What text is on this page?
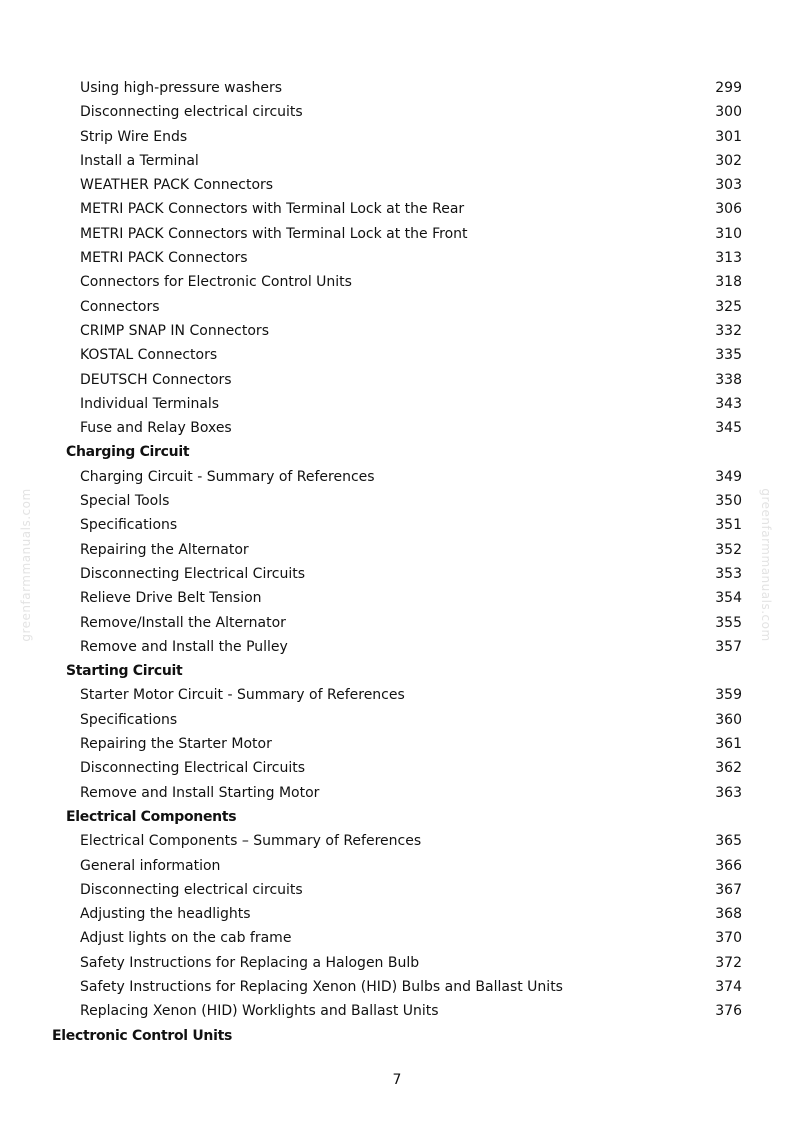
greenfarmmanuals.com	greenfarmmanuals.com
Using high-pressure washers	299
Disconnecting electrical circuits	300
Strip Wire Ends	301
Install a Terminal	302
WEATHER PACK Connectors	303
METRI PACK Connectors with Terminal Lock at the Rear	306
METRI PACK Connectors with Terminal Lock at the Front	310
METRI PACK Connectors	313
Connectors for Electronic Control Units	318
Connectors	325
CRIMP SNAP IN Connectors	332
KOSTAL Connectors	335
DEUTSCH Connectors	338
Individual Terminals	343
Fuse and Relay Boxes	345
Charging Circuit
Charging Circuit - Summary of References	349
Special Tools	350
Specifications	351
Repairing the Alternator	352
Disconnecting Electrical Circuits	353
Relieve Drive Belt Tension	354
Remove/Install the Alternator	355
Remove and Install the Pulley	357
Starting Circuit
Starter Motor Circuit - Summary of References	359
Specifications	360
Repairing the Starter Motor	361
Disconnecting Electrical Circuits	362
Remove and Install Starting Motor	363
Electrical Components
Electrical Components – Summary of References	365
General information	366
Disconnecting electrical circuits	367
Adjusting the headlights	368
Adjust lights on the cab frame	370
Safety Instructions for Replacing a Halogen Bulb	372
Safety Instructions for Replacing Xenon (HID) Bulbs and Ballast Units	374
Replacing Xenon (HID) Worklights and Ballast Units	376
Electronic Control Units
7
